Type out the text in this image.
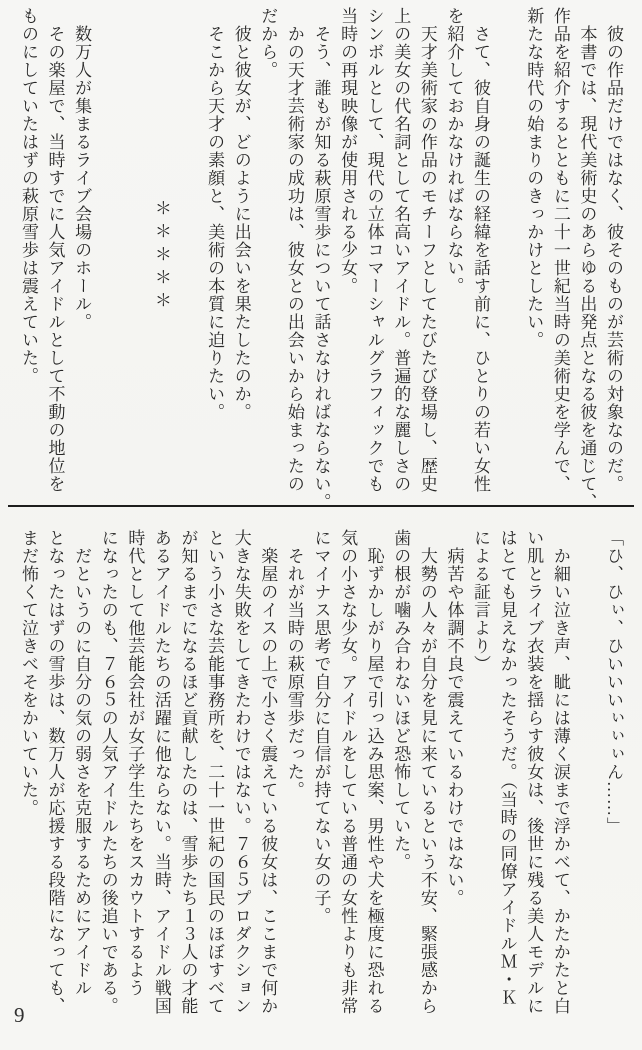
彼の作品だけではなく、彼そのものが芸術の対象なのだ。

本書では、現代美術史のあらゆる出発点となる彼を通じて、

作品を紹介するとともに二十一世紀当時の美術史を学んで、

新たな時代の始まりのきっかけとしたい。

さて、彼自身の誕生の経緯を話す前に、ひとりの若い女性

を紹介しておかなければならない。

天才美術家の作品のモチーフとしてたびたび登場し、歴史

上の美女の代名詞として名高いアイドル。普遍的な麗しさの

シンボルとして、現代の立体コマーシャルグラフィックでも

当時の再現映像が使用される少女。

そう、誰もが知る萩原雪歩について話さなければならない。

かの天才芸術家の成功は、彼女との出会いから始まったの

だから。

彼と彼女が、どのように出会いを果たしたのか。

そこから天才の素顔と、美術の本質に迫りたい。

＊＊＊＊＊

数万人が集まるライブ会場のホール。

その楽屋で、当時すでに人気アイドルとして不動の地位を

ものにしていたはずの萩原雪歩は震えていた。

「ひ、ひぃ、ひいいいぃぃぃん……」

か細い泣き声、眦には薄く涙まで浮かべて、かたかたと白

い肌とライブ衣装を揺らす彼女は、後世に残る美人モデルに

はとても見えなかったそうだ。（当時の同僚アイドルＭ・Ｋ

による証言より）

病苦や体調不良で震えているわけではない。

大勢の人々が自分を見に来ているという不安、緊張感から

歯の根が噛み合わないほど恐怖していた。

恥ずかしがり屋で引っ込み思案、男性や犬を極度に恐れる

気の小さな少女。アイドルをしている普通の女性よりも非常

にマイナス思考で自分に自信が持てない女の子。

それが当時の萩原雪歩だった。

楽屋のイスの上で小さく震えている彼女は、ここまで何か

大きな失敗をしてきたわけではない。７６５プロダクション

という小さな芸能事務所を、二十一世紀の国民のほぼすべて

が知るまでになるほど貢献したのは、雪歩たち１３人の才能

あるアイドルたちの活躍に他ならない。当時、アイドル戦国

時代として他芸能会社が女子学生たちをスカウトするよう

になったのも、７６５の人気アイドルたちの後追いである。

だというのに自分の気の弱さを克服するためにアイドル

となったはずの雪歩は、数万人が応援する段階になっても、

まだ怖くて泣きべそをかいていた。

9
